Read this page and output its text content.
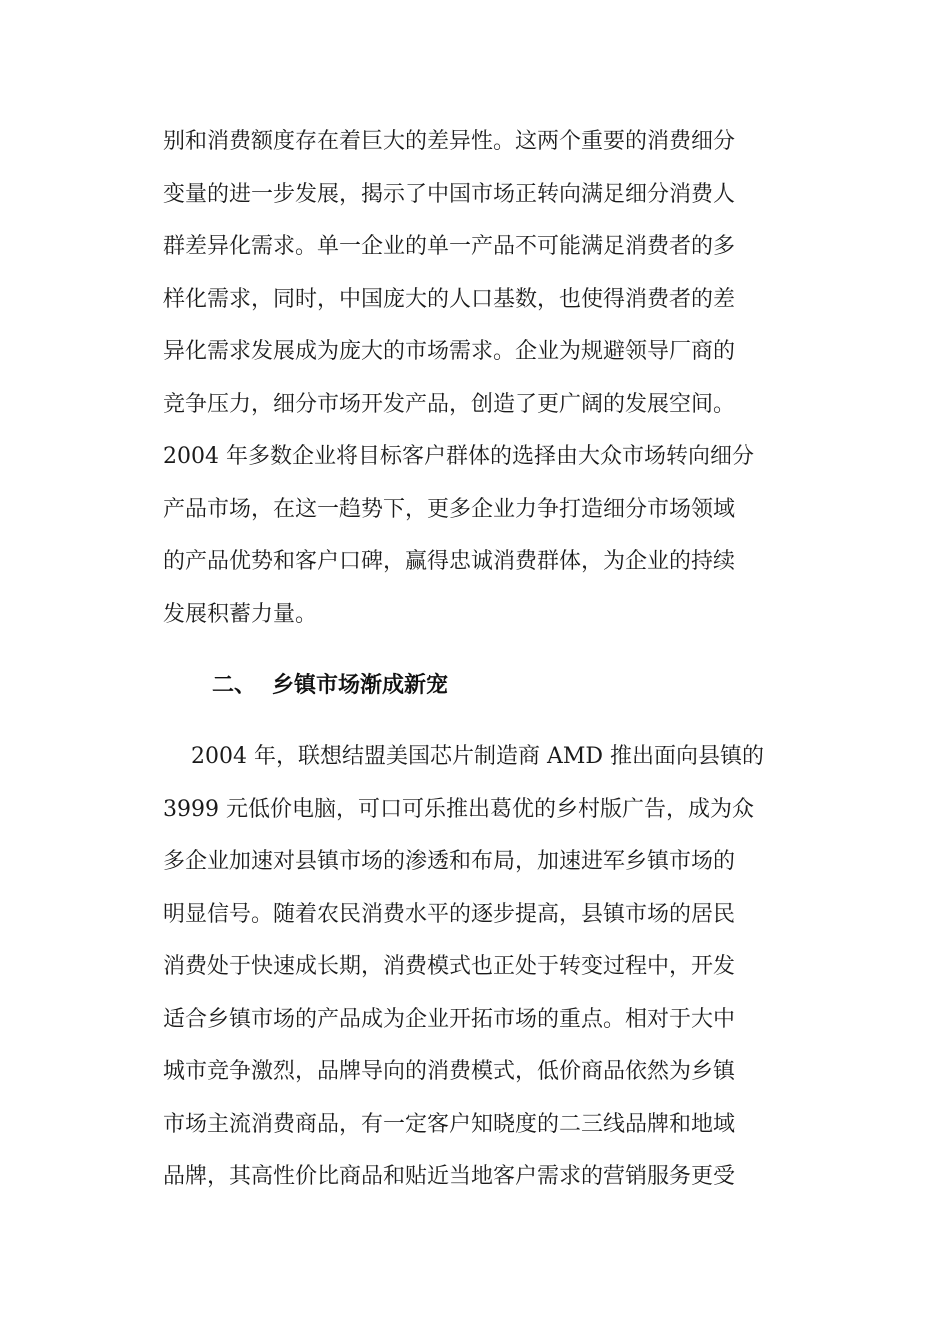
别和消费额度存在着巨大的差异性。这两个重要的消费细分
变量的进一步发展，揭示了中国市场正转向满足细分消费人
群差异化需求。单一企业的单一产品不可能满足消费者的多
样化需求，同时，中国庞大的人口基数，也使得消费者的差
异化需求发展成为庞大的市场需求。企业为规避领导厂商的
竞争压力，细分市场开发产品，创造了更广阔的发展空间。
2004 年多数企业将目标客户群体的选择由大众市场转向细分
产品市场，在这一趋势下，更多企业力争打造细分市场领域
的产品优势和客户口碑，赢得忠诚消费群体，为企业的持续
发展积蓄力量。
二、 乡镇市场渐成新宠
2004 年，联想结盟美国芯片制造商 AMD 推出面向县镇的
3999 元低价电脑，可口可乐推出葛优的乡村版广告，成为众
多企业加速对县镇市场的渗透和布局，加速进军乡镇市场的
明显信号。随着农民消费水平的逐步提高，县镇市场的居民
消费处于快速成长期，消费模式也正处于转变过程中，开发
适合乡镇市场的产品成为企业开拓市场的重点。相对于大中
城市竞争激烈，品牌导向的消费模式，低价商品依然为乡镇
市场主流消费商品，有一定客户知晓度的二三线品牌和地域
品牌，其高性价比商品和贴近当地客户需求的营销服务更受
